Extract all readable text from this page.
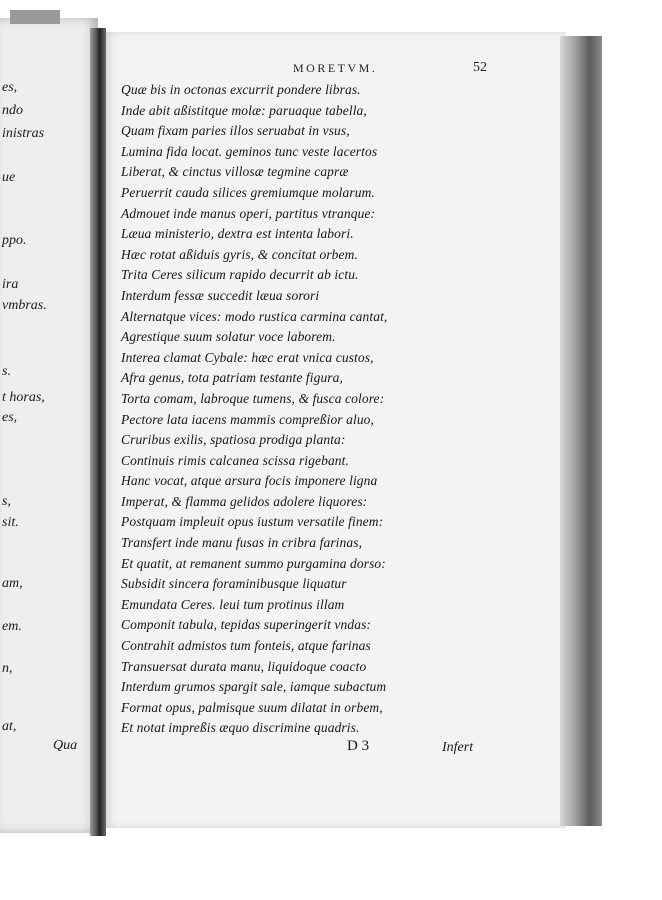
es,
ndo
inistras
ue
ppo.
ira
vmbras.
s.
t horas,
es,
s,
sit.
am,
em.
n,
at,
Qua
MORETVM.	52
Quæ bis in octonas excurrit pondere libras.
Inde abit aßistitque molæ: paruaque tabella,
Quam fixam paries illos seruabat in vsus,
Lumina fida locat. geminos tunc veste lacertos
Liberat, & cinctus villosæ tegmine capræ
Peruerrit cauda silices gremiumque molarum.
Admouet inde manus operi, partitus vtranque:
Læua ministerio, dextra est intenta labori.
Hæc rotat aßiduis gyris, & concitat orbem.
Trita Ceres silicum rapido decurrit ab ictu.
Interdum fessæ succedit læua sorori
Alternatque vices: modo rustica carmina cantat,
Agrestique suum solatur voce laborem.
Interea clamat Cybale: hæc erat vnica custos,
Afra genus, tota patriam testante figura,
Torta comam, labroque tumens, & fusca colore:
Pectore lata iacens mammis compreßior aluo,
Cruribus exilis, spatiosa prodiga planta:
Continuis rimis calcanea scissa rigebant.
Hanc vocat, atque arsura focis imponere ligna
Imperat, & flamma gelidos adolere liquores:
Postquam impleuit opus iustum versatile finem:
Transfert inde manu fusas in cribra farinas,
Et quatit, at remanent summo purgamina dorso:
Subsidit sincera foraminibusque liquatur
Emundata Ceres. leui tum protinus illam
Componit tabula, tepidas superingerit vndas:
Contrahit admistos tum fonteis, atque farinas
Transuersat durata manu, liquidoque coacto
Interdum grumos spargit sale, iamque subactum
Format opus, palmisque suum dilatat in orbem,
Et notat impreßis æquo discrimine quadris.
D 3	Infert
